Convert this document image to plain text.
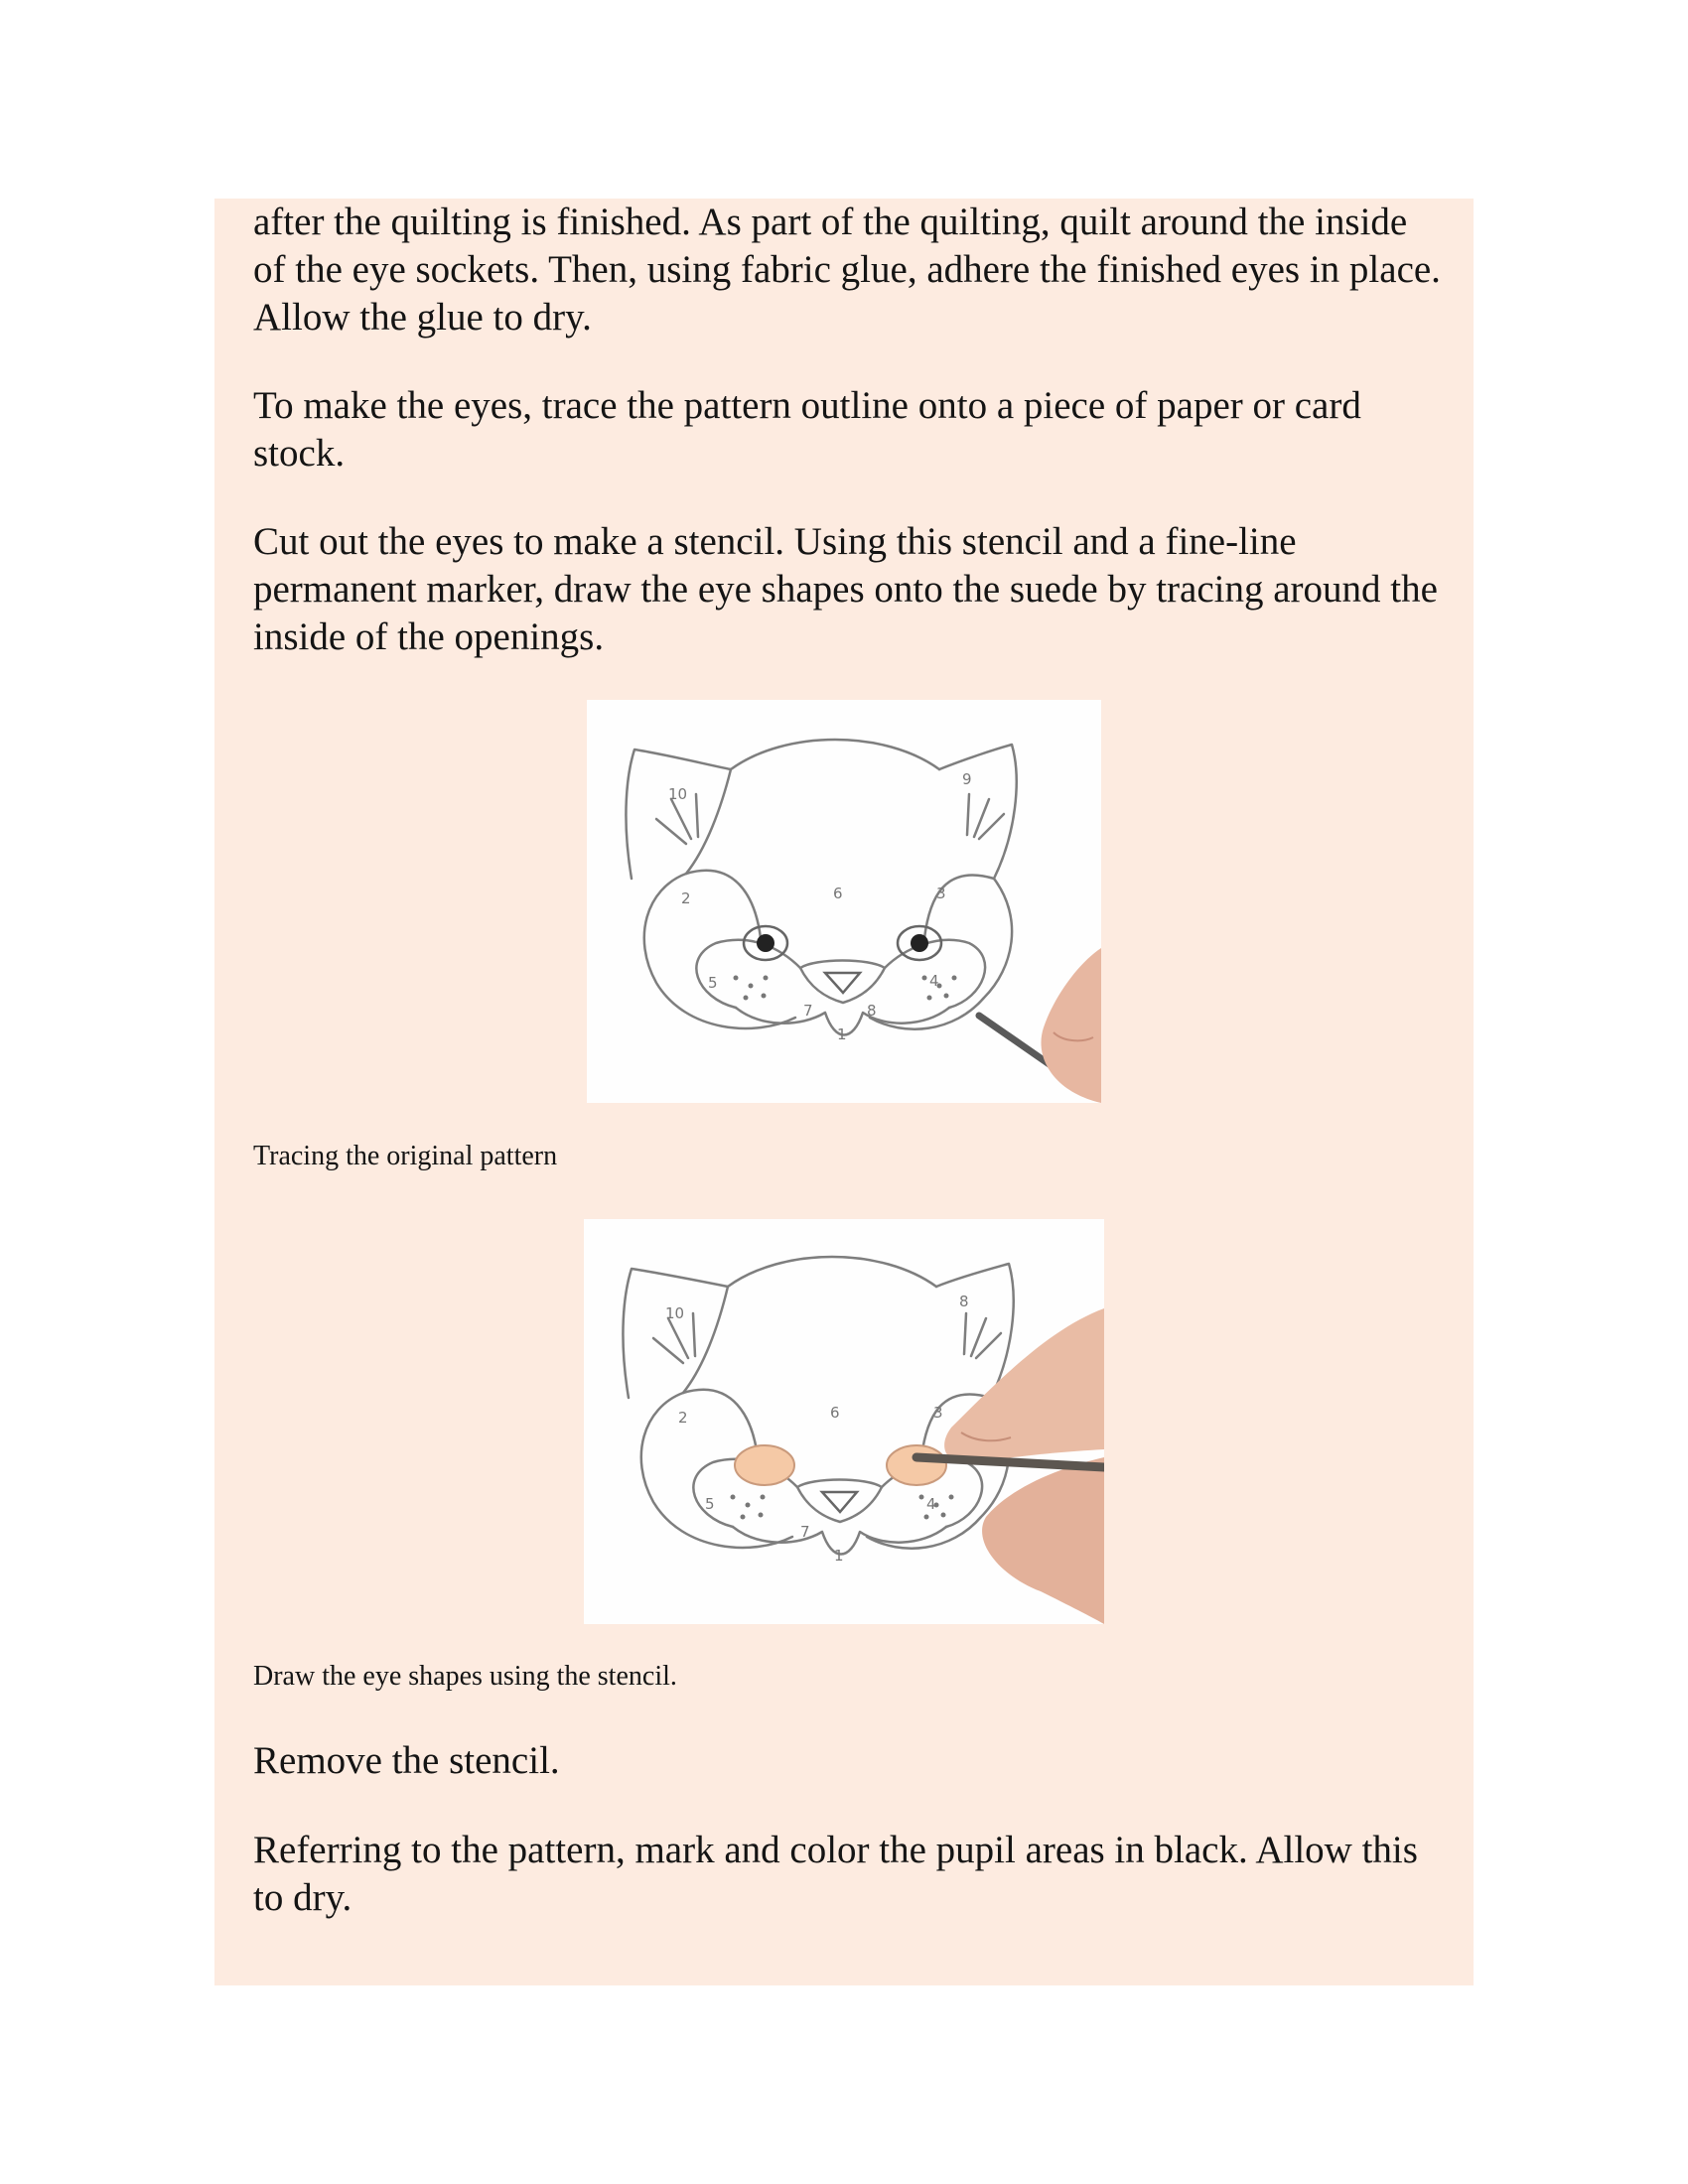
after the quilting is finished. As part of the quilting, quilt around the inside of the eye sockets. Then, using fabric glue, adhere the finished eyes in place. Allow the glue to dry.

To make the eyes, trace the pattern outline onto a piece of paper or card stock.

Cut out the eyes to make a stencil. Using this stencil and a fine-line permanent marker, draw the eye shapes onto the suede by tracing around the inside of the openings.

10
9
2	6	3
5	4
7	8
1

Tracing the original pattern

10
8
2	6	3
5	4
7
1

Draw the eye shapes using the stencil.

Remove the stencil.

Referring to the pattern, mark and color the pupil areas in black. Allow this to dry.
